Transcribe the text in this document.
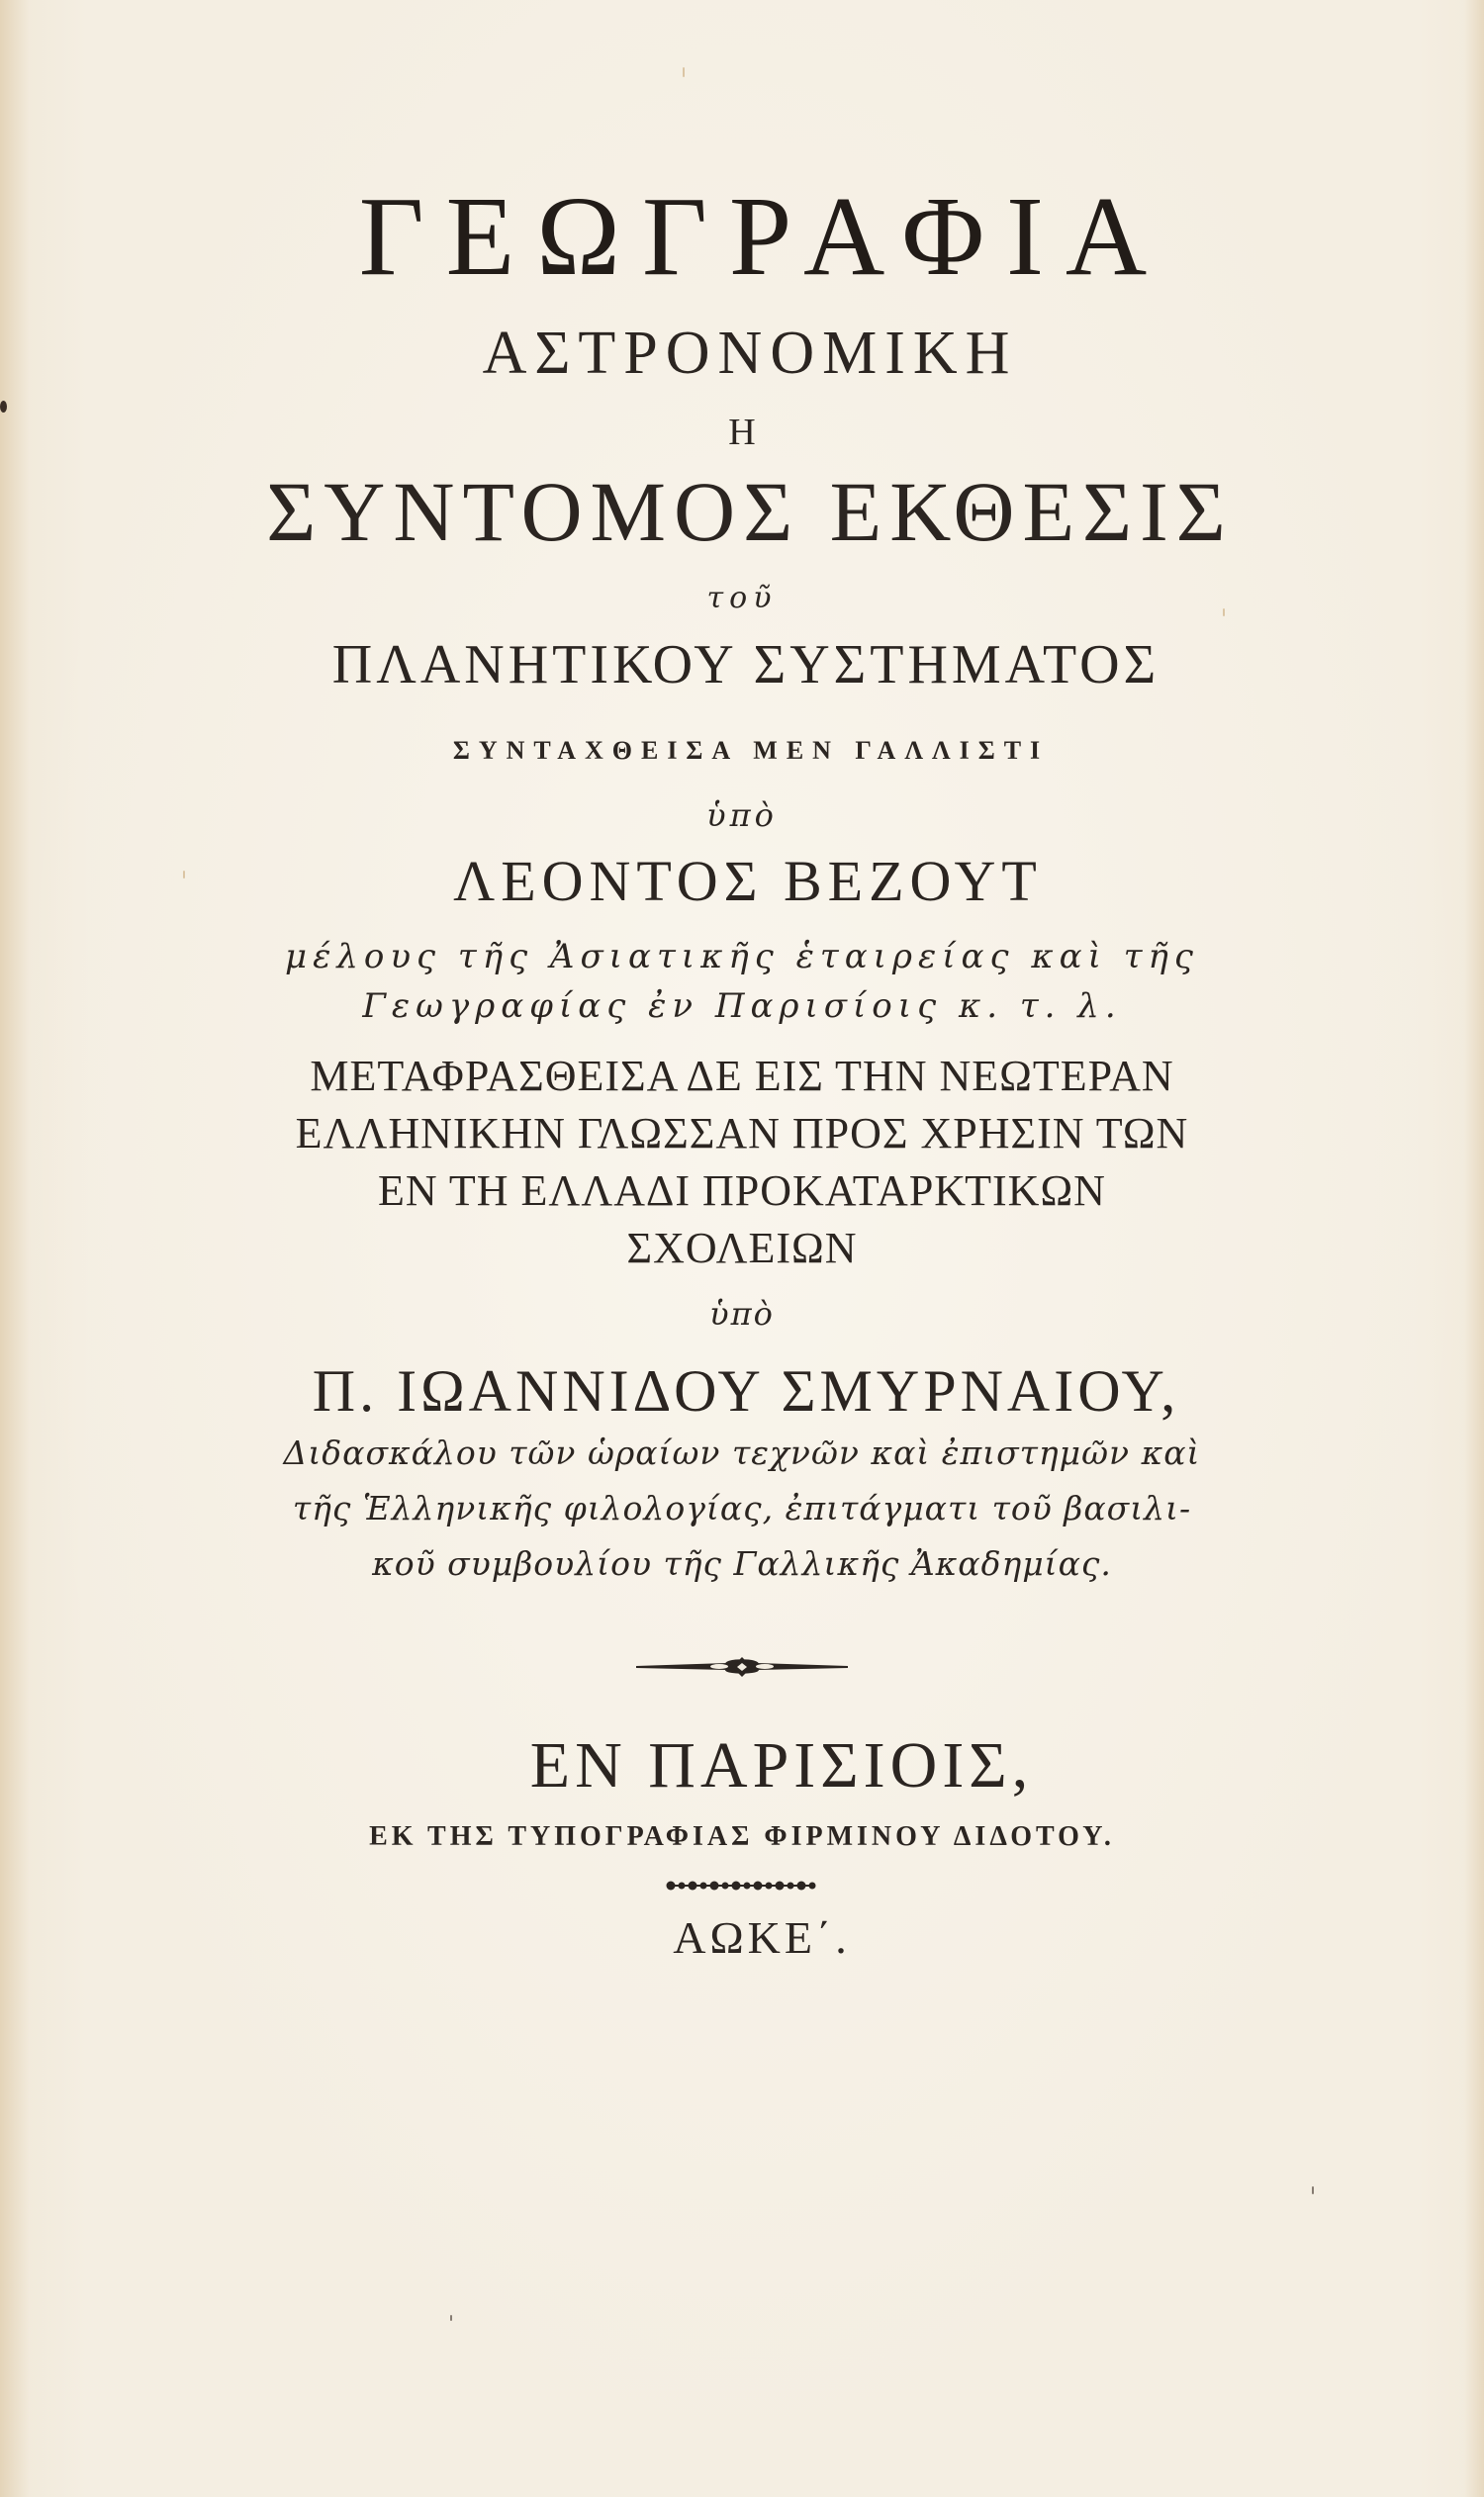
ΓΕΩΓΡΑΦΙΑ
ΑΣΤΡΟΝΟΜΙΚΗ
Η
ΣΥΝΤΟΜΟΣ ΕΚΘΕΣΙΣ
τοῦ
ΠΛΑΝΗΤΙΚΟΥ ΣΥΣΤΗΜΑΤΟΣ
ΣΥΝΤΑΧΘΕΙΣΑ ΜΕΝ ΓΑΛΛΙΣΤΙ
ὑπὸ
ΛΕΟΝΤΟΣ ΒΕΖΟΥΤ
μέλους τῆς Ἀσιατικῆς ἑταιρείας καὶ τῆς
Γεωγραφίας ἐν Παρισίοις κ. τ. λ.
ΜΕΤΑΦΡΑΣΘΕΙΣΑ ΔΕ ΕΙΣ ΤΗΝ ΝΕΩΤΕΡΑΝ
ΕΛΛΗΝΙΚΗΝ ΓΛΩΣΣΑΝ ΠΡΟΣ ΧΡΗΣΙΝ ΤΩΝ
ΕΝ ΤΗ ΕΛΛΑΔΙ ΠΡΟΚΑΤΑΡΚΤΙΚΩΝ
ΣΧΟΛΕΙΩΝ
ὑπὸ
Π. ΙΩΑΝΝΙΔΟΥ ΣΜΥΡΝΑΙΟΥ,
Διδασκάλου τῶν ὡραίων τεχνῶν καὶ ἐπιστημῶν καὶ
τῆς Ἑλληνικῆς φιλολογίας, ἐπιτάγματι τοῦ βασιλι-
κοῦ συμβουλίου τῆς Γαλλικῆς Ἀκαδημίας.
ΕΝ ΠΑΡΙΣΙΟΙΣ,
ΕΚ ΤΗΣ ΤΥΠΟΓΡΑΦΙΑΣ ΦΙΡΜΙΝΟΥ ΔΙΔΟΤΟΥ.
ΑΩΚΕ΄.
